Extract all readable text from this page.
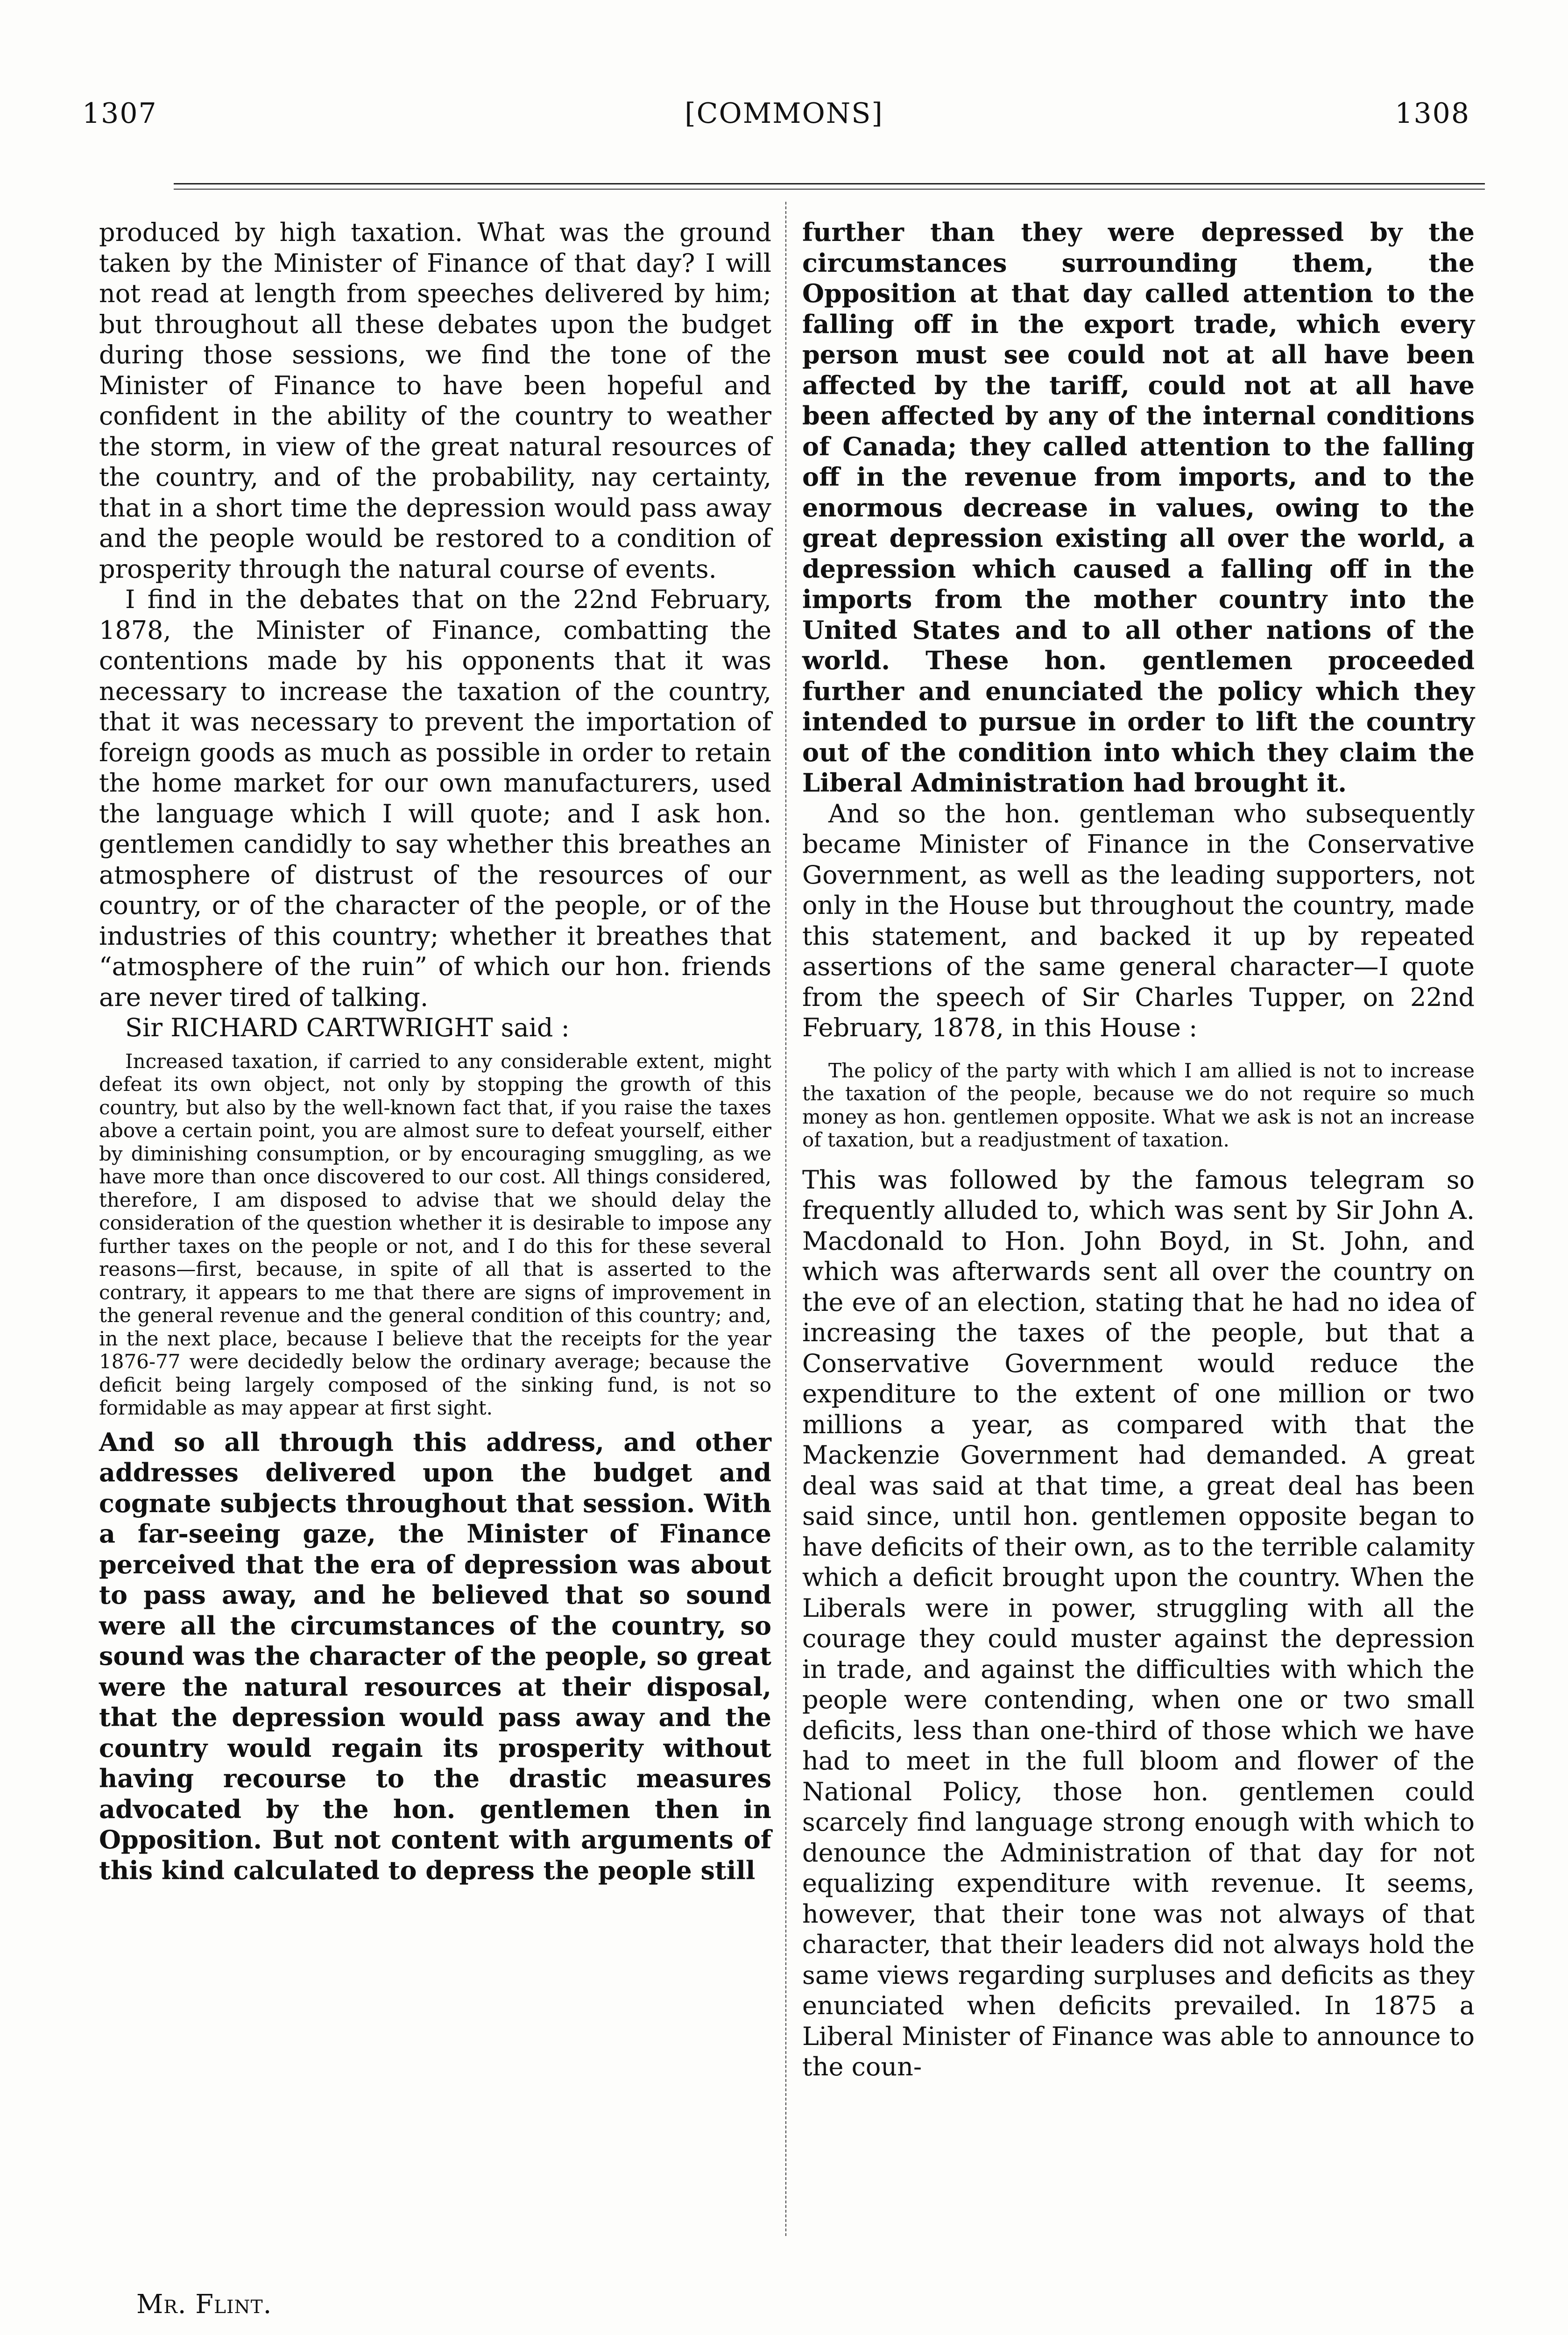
1307	[COMMONS]	1308

produced by high taxation. What was the ground taken by the Minister of Finance of that day? I will not read at length from speeches delivered by him; but throughout all these debates upon the budget during those sessions, we find the tone of the Minister of Finance to have been hopeful and confident in the ability of the country to weather the storm, in view of the great natural resources of the country, and of the probability, nay certainty, that in a short time the depression would pass away and the people would be restored to a condition of prosperity through the natural course of events.

I find in the debates that on the 22nd February, 1878, the Minister of Finance, combatting the contentions made by his opponents that it was necessary to increase the taxation of the country, that it was necessary to prevent the importation of foreign goods as much as possible in order to retain the home market for our own manufacturers, used the language which I will quote; and I ask hon. gentlemen candidly to say whether this breathes an atmosphere of distrust of the resources of our country, or of the character of the people, or of the industries of this country; whether it breathes that “atmosphere of the ruin” of which our hon. friends are never tired of talking.

Sir RICHARD CARTWRIGHT said :

Increased taxation, if carried to any considerable extent, might defeat its own object, not only by stopping the growth of this country, but also by the well-known fact that, if you raise the taxes above a certain point, you are almost sure to defeat yourself, either by diminishing consumption, or by encouraging smuggling, as we have more than once discovered to our cost. All things considered, therefore, I am disposed to advise that we should delay the consideration of the question whether it is desirable to impose any further taxes on the people or not, and I do this for these several reasons—first, because, in spite of all that is asserted to the contrary, it appears to me that there are signs of improvement in the general revenue and the general condition of this country; and, in the next place, because I believe that the receipts for the year 1876-77 were decidedly below the ordinary average; because the deficit being largely composed of the sinking fund, is not so formidable as may appear at first sight.

And so all through this address, and other addresses delivered upon the budget and cognate subjects throughout that session. With a far-seeing gaze, the Minister of Finance perceived that the era of depression was about to pass away, and he believed that so sound were all the circumstances of the country, so sound was the character of the people, so great were the natural resources at their disposal, that the depression would pass away and the country would regain its prosperity without having recourse to the drastic measures advocated by the hon. gentlemen then in Opposition. But not content with arguments of this kind calculated to depress the people still

further than they were depressed by the circumstances surrounding them, the Opposition at that day called attention to the falling off in the export trade, which every person must see could not at all have been affected by the tariff, could not at all have been affected by any of the internal conditions of Canada; they called attention to the falling off in the revenue from imports, and to the enormous decrease in values, owing to the great depression existing all over the world, a depression which caused a falling off in the imports from the mother country into the United States and to all other nations of the world. These hon. gentlemen proceeded further and enunciated the policy which they intended to pursue in order to lift the country out of the condition into which they claim the Liberal Administration had brought it.

And so the hon. gentleman who subsequently became Minister of Finance in the Conservative Government, as well as the leading supporters, not only in the House but throughout the country, made this statement, and backed it up by repeated assertions of the same general character—I quote from the speech of Sir Charles Tupper, on 22nd February, 1878, in this House :

The policy of the party with which I am allied is not to increase the taxation of the people, because we do not require so much money as hon. gentlemen opposite. What we ask is not an increase of taxation, but a readjustment of taxation.

This was followed by the famous telegram so frequently alluded to, which was sent by Sir John A. Macdonald to Hon. John Boyd, in St. John, and which was afterwards sent all over the country on the eve of an election, stating that he had no idea of increasing the taxes of the people, but that a Conservative Government would reduce the expenditure to the extent of one million or two millions a year, as compared with that the Mackenzie Government had demanded. A great deal was said at that time, a great deal has been said since, until hon. gentlemen opposite began to have deficits of their own, as to the terrible calamity which a deficit brought upon the country. When the Liberals were in power, struggling with all the courage they could muster against the depression in trade, and against the difficulties with which the people were contending, when one or two small deficits, less than one-third of those which we have had to meet in the full bloom and flower of the National Policy, those hon. gentlemen could scarcely find language strong enough with which to denounce the Administration of that day for not equalizing expenditure with revenue. It seems, however, that their tone was not always of that character, that their leaders did not always hold the same views regarding surpluses and deficits as they enunciated when deficits prevailed. In 1875 a Liberal Minister of Finance was able to announce to the coun-

Mr. Flint.
